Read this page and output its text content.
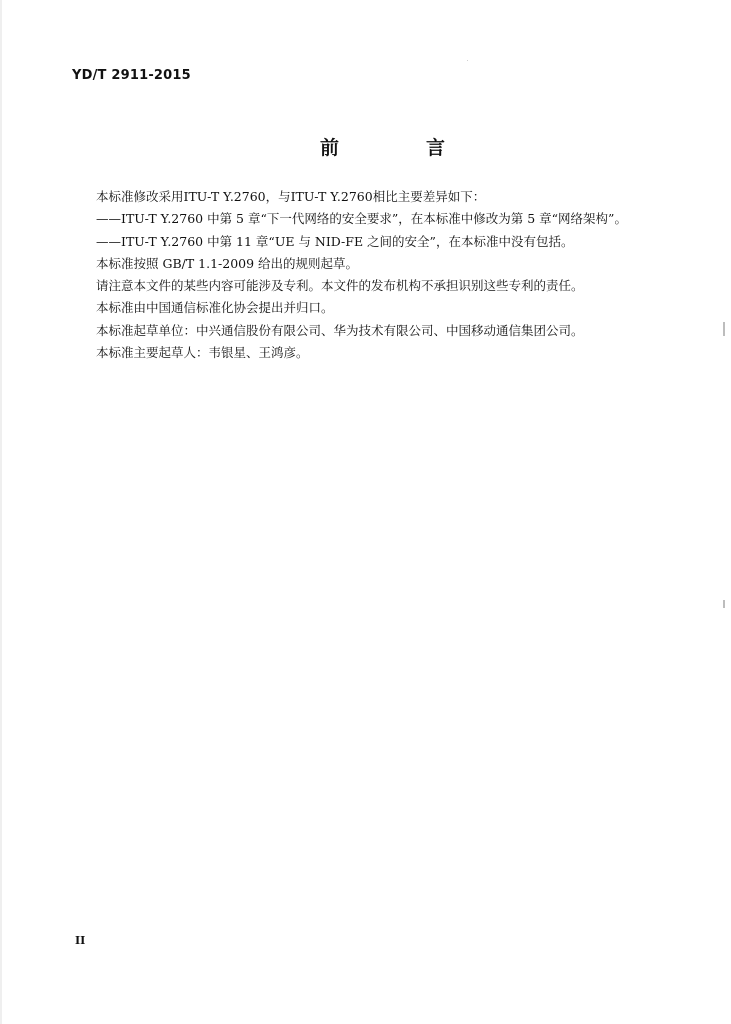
YD/T 2911-2015
前　言

本标准修改采用ITU-T Y.2760，与ITU-T Y.2760相比主要差异如下：

——ITU-T Y.2760 中第 5 章“下一代网络的安全要求”，在本标准中修改为第 5 章“网络架构”。

——ITU-T Y.2760 中第 11 章“UE 与 NID-FE 之间的安全”，在本标准中没有包括。

本标准按照 GB/T 1.1-2009 给出的规则起草。

请注意本文件的某些内容可能涉及专利。本文件的发布机构不承担识别这些专利的责任。

本标准由中国通信标准化协会提出并归口。

本标准起草单位：中兴通信股份有限公司、华为技术有限公司、中国移动通信集团公司。

本标准主要起草人：韦银星、王鸿彦。

II
